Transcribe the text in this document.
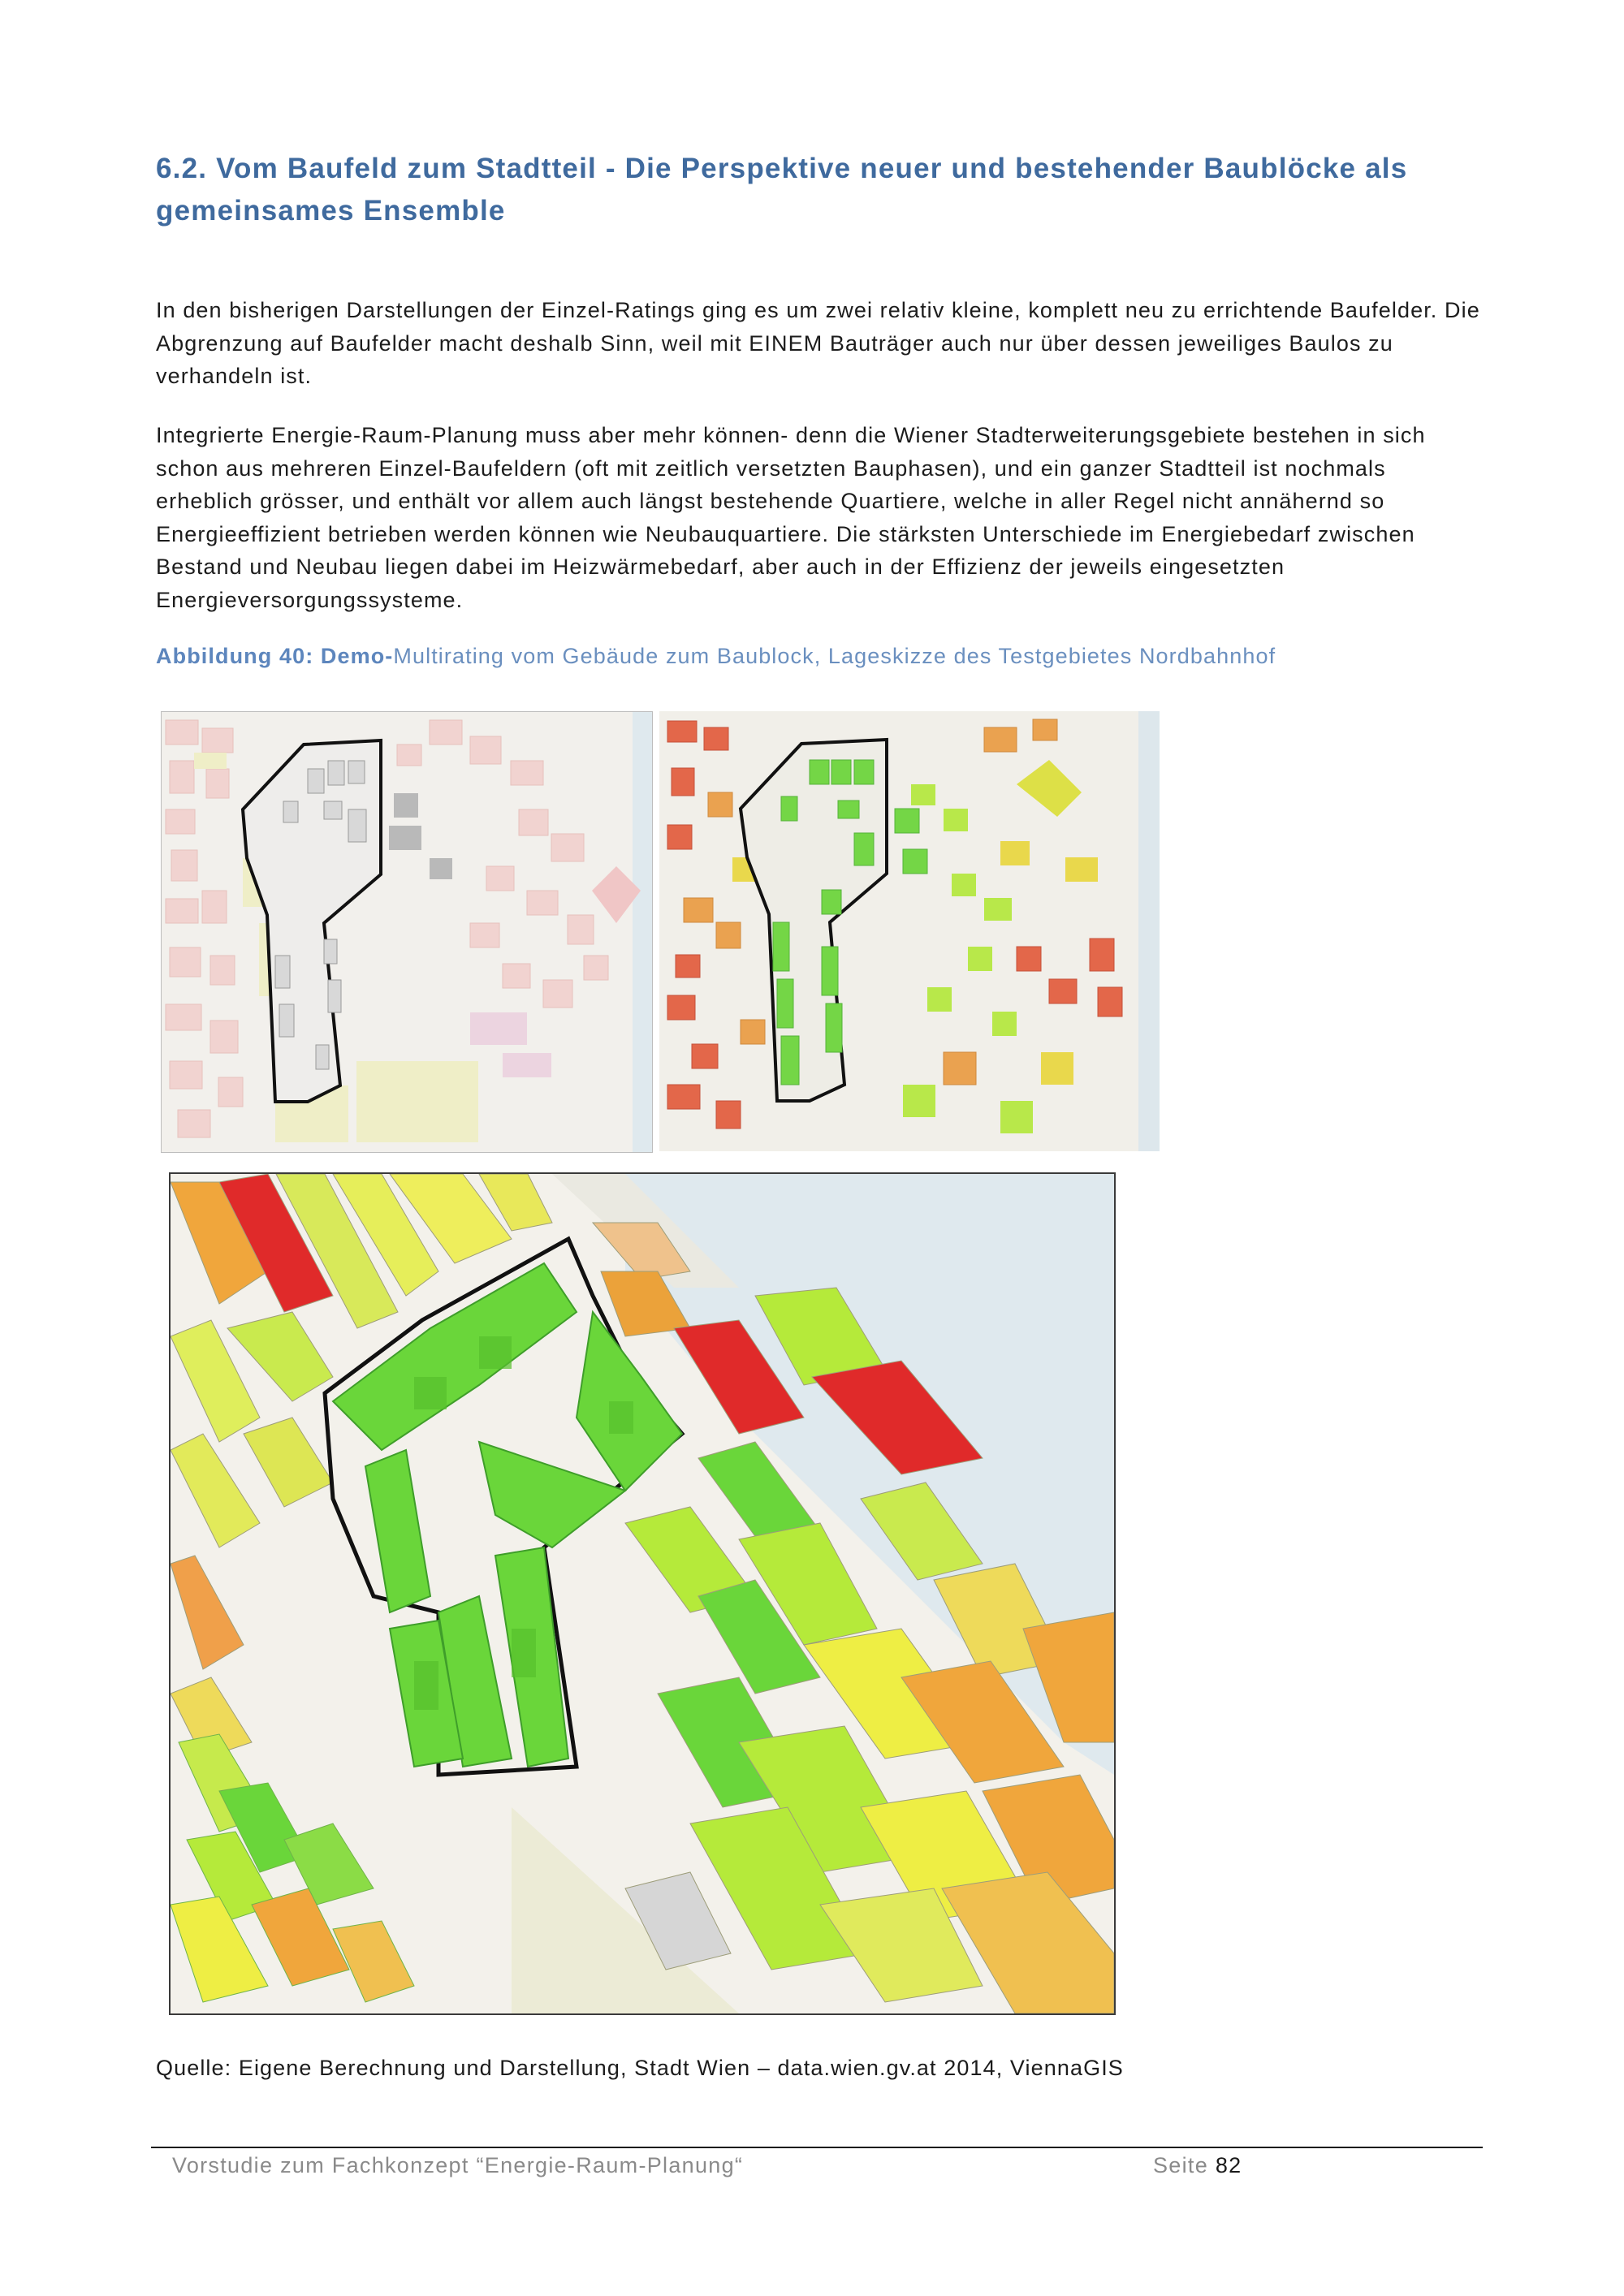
6.2. Vom Baufeld zum Stadtteil - Die Perspektive neuer und bestehender Baublöcke als gemeinsames Ensemble

In den bisherigen Darstellungen der Einzel-Ratings ging es um zwei relativ kleine, komplett neu zu errichtende Baufelder. Die Abgrenzung auf Baufelder macht deshalb Sinn, weil mit EINEM Bauträger auch nur über dessen jeweiliges Baulos zu verhandeln ist.

Integrierte Energie-Raum-Planung muss aber mehr können- denn die Wiener Stadterweiterungsgebiete bestehen in sich schon aus mehreren Einzel-Baufeldern (oft mit zeitlich versetzten Bauphasen), und ein ganzer Stadtteil ist nochmals erheblich grösser, und enthält vor allem auch längst bestehende Quartiere, welche in aller Regel nicht annähernd so Energieeffizient betrieben werden können wie Neubauquartiere. Die stärksten Unterschiede im Energiebedarf zwischen Bestand und Neubau liegen dabei im Heizwärmebedarf, aber auch in der Effizienz der jeweils eingesetzten Energieversorgungssysteme.

Abbildung 40: Demo-Multirating vom Gebäude zum Baublock, Lageskizze des Testgebietes Nordbahnhof

Quelle: Eigene Berechnung und Darstellung, Stadt Wien – data.wien.gv.at 2014, ViennaGIS

Vorstudie zum Fachkonzept “Energie-Raum-Planung“	Seite 82
